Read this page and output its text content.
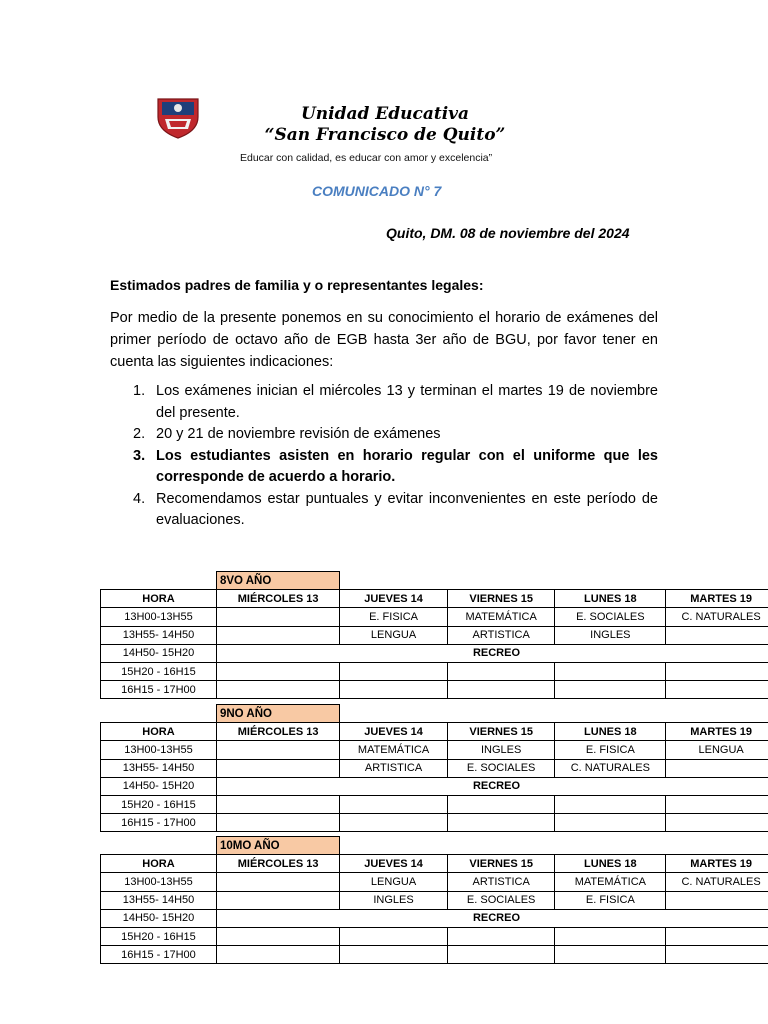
Unidad Educativa
“San Francisco de Quito”
Educar con calidad, es educar con amor y excelencia”
COMUNICADO N° 7
Quito, DM. 08 de noviembre del 2024
Estimados padres de familia y o representantes legales:

Por medio de la presente ponemos en su conocimiento el horario de exámenes del primer período de octavo año de EGB hasta 3er año de BGU, por favor tener en cuenta las siguientes indicaciones:

1. Los exámenes inician el miércoles 13 y terminan el martes 19 de noviembre del presente.
2. 20 y 21 de noviembre revisión de exámenes
3. Los estudiantes asisten en horario regular con el uniforme que les corresponde de acuerdo a horario.
4. Recomendamos estar puntuales y evitar inconvenientes en este período de evaluaciones.
	8VO AÑO				
HORA	MIÉRCOLES 13	JUEVES 14	VIERNES 15	LUNES 18	MARTES 19
13H00-13H55		E. FISICA	MATEMÁTICA	E. SOCIALES	C. NATURALES
13H55- 14H50		LENGUA	ARTISTICA	INGLES	
14H50- 15H20	RECREO				
15H20 - 16H15					
16H15 - 17H00					
	9NO AÑO				
HORA	MIÉRCOLES 13	JUEVES 14	VIERNES 15	LUNES 18	MARTES 19
13H00-13H55		MATEMÁTICA	INGLES	E. FISICA	LENGUA
13H55- 14H50		ARTISTICA	E. SOCIALES	C. NATURALES	
14H50- 15H20	RECREO				
15H20 - 16H15					
16H15 - 17H00					
	10MO AÑO				
HORA	MIÉRCOLES 13	JUEVES 14	VIERNES 15	LUNES 18	MARTES 19
13H00-13H55		LENGUA	ARTISTICA	MATEMÁTICA	C. NATURALES
13H55- 14H50		INGLES	E. SOCIALES	E. FISICA	
14H50- 15H20	RECREO				
15H20 - 16H15					
16H15 - 17H00					
